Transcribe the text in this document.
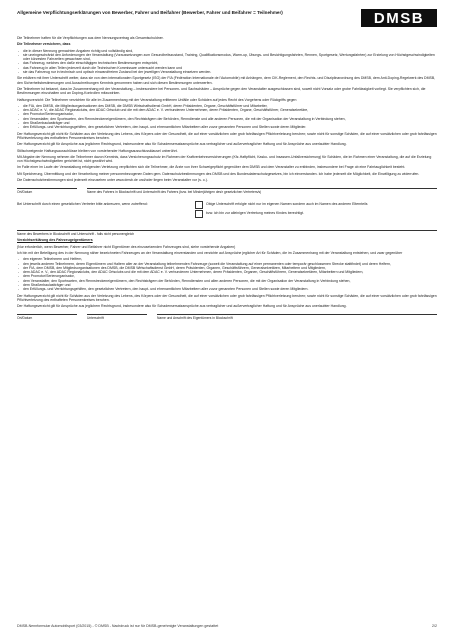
Allgemeine Verpflichtungserklärungen von Bewerber, Fahrer und Beifahrer (Bewerber, Fahrer und Beifahrer = Teilnehmer)	DMSB

Die Teilnehmer haften für die Verpflichtungen aus dem Nennungsvertrag als Gesamtschuldner.

Die Teilnehmer versichern, dass

- die in dieser Nennung gemachten Angaben richtig und vollständig sind,
- sie uneingeschränkt den Anforderungen der Veranstaltung (Voraussetzungen zum Gesundheitszustand, Training, Qualifikationsmodus, Warm-up, Übungs- und Besichtigungsfahrten, Rennen, Sportgesetz, Wertungsfahrten) zur Erzielung von Höchstgeschwindigkeiten oder kürzesten Fahrzeiten gewachsen sind,
- das Fahrzeug, welches den dafür einschlägigen technischen Bestimmungen entspricht,
- das Fahrzeug in allen Teilen jederzeit durch die Technischen Kommissare untersucht werden kann und
- sie das Fahrzeug nur in technisch und optisch einwandfreiem Zustand bei der jeweiligen Veranstaltung einsetzen werden.

Sie erklären mit ihrer Unterschrift weiter, dass sie von dem internationalen Sportgesetz (ISG) der FIA (Fédération Internationale de l'Automobile) mit Anhängen, dem CIK-Reglement, den Rechts- und Disziplinarordnung des DMSB, dem Anti-Doping-Regelwerk des DMSB, den Sicherheitsbestimmungen und Ausschreibungen Kenntnis genommen haben und sich diesen Bestimmungen unterwerfen.

Die Teilnehmer ist bekannt, dass im Zusammenhang mit der Veranstaltung – insbesondere bei Personen- und Sachschäden – Ansprüche gegen den Veranstalter ausgeschlossen sind, soweit nicht Vorsatz oder grobe Fahrlässigkeit vorliegt. Sie verpflichten sich, die Bestimmungen einzuhalten und an Doping-Kontrollen mitzuwirken.

Haftungsverzicht: Die Teilnehmer verzichten für alle im Zusammenhang mit der Veranstaltung erlittenen Unfälle oder Schäden auf jedes Recht des Vorgehens oder Rückgriffs gegen

- die FIA, den DMSB, die Mitgliedsorganisationen des DMSB, die DMSB Wirtschaftsdienst GmbH, deren Präsidenten, Organe, Geschäftsführer und Mitarbeiter,
- den ADAC e. V., die ADAC Regionalclubs, den ADAC Ortsclub und die mit dem ADAC e. V. verbundenen Unternehmen, deren Präsidenten, Organe, Geschäftsführer, Generalsekretäre,
- den Promotor/Serienorganisator,
- den Veranstalter, den Sportwarten, den Rennstreckeneigentümern, den Rechtsträgern der Behörden, Renndienste und alle anderen Personen, die mit der Organisation der Veranstaltung in Verbindung stehen,
- den Straßenbaulastträger und
- den Erfüllungs- und Verrichtungsgehilfen, den gesetzlichen Vertretern, den haupt- und ehrenamtlichen Mitarbeitern aller zuvor genannten Personen und Stellen sowie deren Mitglieder.

Der Haftungsverzicht gilt nicht für Schäden aus der Verletzung des Lebens, des Körpers oder der Gesundheit, die auf einer vorsätzlichen oder grob fahrlässigen Pflichtverletzung beruhen; sowie nicht für sonstige Schäden, die auf einer vorsätzlichen oder grob fahrlässigen Pflichtverletzung des enthafteten Personenkreises beruhen.

Der Haftungsverzicht gilt für Ansprüche aus jeglichem Rechtsgrund, insbesondere also für Schadensersatzansprüche aus vertraglicher und außervertraglicher Haftung und für Ansprüche aus unerlaubter Handlung.

Stillschweigende Haftungsausschlüsse bleiben von vorstehender Haftungsausschlussklausel unberührt.

Mit Abgabe der Nennung nehmen die Teilnehmer davon Kenntnis, dass Versicherungsschutz im Rahmen der Kraftverkehrsversicherungen (Kfz-Haftpflicht, Kasko- und Insassen-Unfallversicherung) für Schäden, die im Rahmen einer Veranstaltung, die auf die Erzielung von Höchstgeschwindigkeiten gerichtet ist, nicht gewährt wird.

Im Falle einer im Laufe der Veranstaltung erfolgenden Verletzung verpflichten sich die Teilnehmer, die Ärzte von ihrer Schweigepflicht gegenüber dem DMSB und dem Veranstalter zu entbinden, insbesondere bei Frage ob eine Fahrtauglichkeit besteht.

Mit Speicherung, Übermittlung und der Verarbeitung meiner personenbezogenen Daten gem. Datenschutzbestimmungen des DMSB und des Bundesdatenschutzgesetzes, bin ich einverstanden. Ich habe jederzeit die Möglichkeit, die Einwilligung zu widerrufen.

Die Datenschutzbestimmungen sind jederzeit einzusehen unter www.dmsb.de und/oder liegen beim Veranstalter vor (s. o.).

Ort/Datum	Name des Fahrers in Blockschrift und Unterschrift des Fahrers (bzw. bei Minderjährigen des/r gesetzlichen Vertreters/s)
Bei Unterschrift durch einen gesetzlichen Vertreter bitte ankreuzen, wenn zutreffend:	Obige Unterschrift erfolgte nicht nur im eigenen Namen sondern auch im Namen des anderen Elternteils
bzw. ich bin zur alleinigen Vertretung meines Kindes berechtigt.
Name des Bewerbers in Blockschrift und Unterschrift - falls nicht personengleich

Verzichtserklärung des Fahrzeugeigentümers

(Nur erforderlich, wenn Bewerber, Fahrer und Beifahrer nicht Eigentümer des einzusetzenden Fahrzeuges sind, siehe vorstehende Angaben)

Ich bin mit der Beteiligung des in der Nennung näher bezeichneten Fahrzeuges an der Veranstaltung einverstanden und verzichte auf Ansprüche jeglicher Art für Schäden, die im Zusammenhang mit der Veranstaltung entstehen, und zwar gegenüber

- den eigenen Teilnehmern und Helfern,
- den jeweils anderen Teilnehmern, deren Eigentümern und Haltern aller an der Veranstaltung teilnehmenden Fahrzeuge (soweit die Veranstaltung auf einer permanenten oder temporär geschlossenen Strecke stattfindet) und deren Helfern,
- der FIA, dem DMSB, den Mitgliedsorganisationen des DMSB, die DMSB Wirtschaftsdienst GmbH, deren Präsidenten, Organen, Geschäftsführern, Generalsekretären, Mitarbeitern und Mitgliedern,
- dem ADAC e. V., den ADAC Regionalclubs, den ADAC Ortsclubs und die mit dem ADAC e. V. verbundenen Unternehmen, deren Präsidenten, Organen, Geschäftsführern, Generalsekretären, Mitarbeitern und Mitgliedern,
- dem Promotor/Serienorganisator,
- dem Veranstalter, den Sportwarten, den Rennstreckeneigentümern, den Rechtsträgern der Behörden, Renndiensten und allen anderen Personen, die mit der Organisation der Veranstaltung in Verbindung stehen,
- dem Straßenbaulastträger und
- den Erfüllungs- und Verrichtungsgehilfen, den gesetzlichen Vertretern, den haupt- und ehrenamtlichen Mitarbeitern aller zuvor genannten Personen und Stellen sowie deren Mitgliedern.

Der Haftungsverzicht gilt nicht für Schäden aus der Verletzung des Lebens, des Körpers oder der Gesundheit, die auf einer vorsätzlichen oder grob fahrlässigen Pflichtverletzung beruhen; sowie nicht für sonstige Schäden, die auf einer vorsätzlichen oder grob fahrlässigen Pflichtverletzung des enthafteten Personenkreises beruhen.

Der Haftungsverzicht gilt für Ansprüche aus jeglichem Rechtsgrund, insbesondere also für Schadensersatzansprüche aus vertraglicher und außervertraglicher Haftung und für Ansprüche aus unerlaubter Handlung.

Ort/Datum	Unterschrift	Name und Anschrift des Eigentümers in Blockschrift
DMSB-Nennformular Automobilsport (03/2015) - © DMSB - Nachdruck ist nur für DMSB-genehmigte Veranstaltungen gestattet	2/2
